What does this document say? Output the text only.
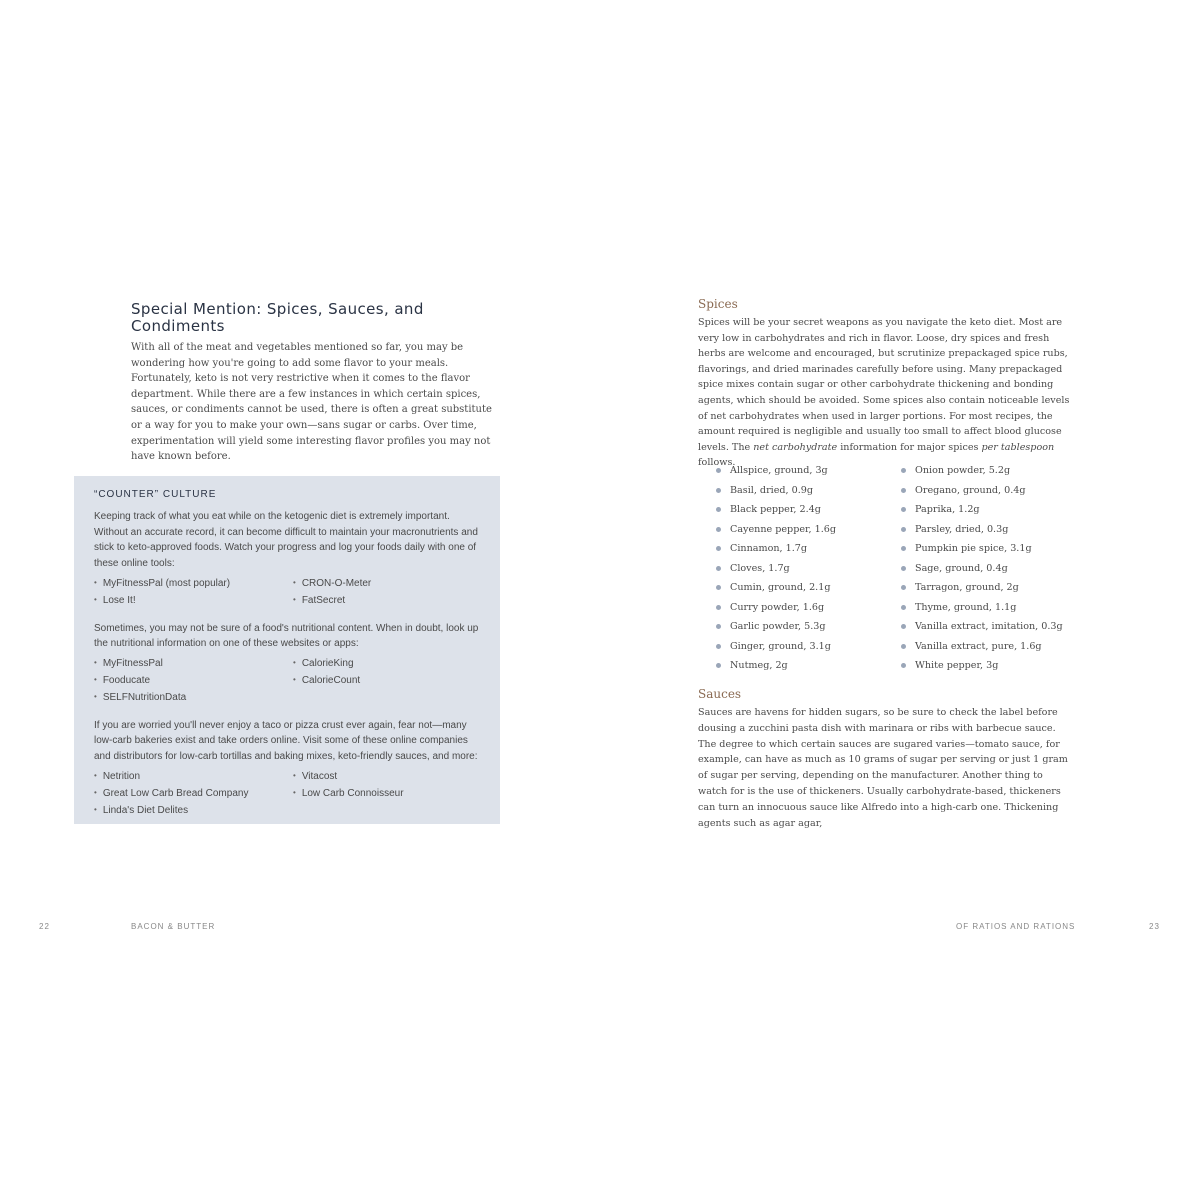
Special Mention: Spices, Sauces, and Condiments

With all of the meat and vegetables mentioned so far, you may be wondering how you're going to add some flavor to your meals. Fortunately, keto is not very restrictive when it comes to the flavor department. While there are a few instances in which certain spices, sauces, or condiments cannot be used, there is often a great substitute or a way for you to make your own—sans sugar or carbs. Over time, experimentation will yield some interesting flavor profiles you may not have known before.

“COUNTER” CULTURE

Keeping track of what you eat while on the ketogenic diet is extremely important. Without an accurate record, it can become difficult to maintain your macronutrients and stick to keto-approved foods. Watch your progress and log your foods daily with one of these online tools:

• MyFitnessPal (most popular)	• CRON-O-Meter
• Lose It!	• FatSecret

Sometimes, you may not be sure of a food's nutritional content. When in doubt, look up the nutritional information on one of these websites or apps:

• MyFitnessPal	• CalorieKing
• Fooducate	• CalorieCount
• SELFNutritionData

If you are worried you'll never enjoy a taco or pizza crust ever again, fear not—many low-carb bakeries exist and take orders online. Visit some of these online companies and distributors for low-carb tortillas and baking mixes, keto-friendly sauces, and more:

• Netrition	• Vitacost
• Great Low Carb Bread Company	• Low Carb Connoisseur
• Linda's Diet Delites
22	BACON & BUTTER
Spices

Spices will be your secret weapons as you navigate the keto diet. Most are very low in carbohydrates and rich in flavor. Loose, dry spices and fresh herbs are welcome and encouraged, but scrutinize prepackaged spice rubs, flavorings, and dried marinades carefully before using. Many prepackaged spice mixes contain sugar or other carbohydrate thickening and bonding agents, which should be avoided. Some spices also contain noticeable levels of net carbohydrates when used in larger portions. For most recipes, the amount required is negligible and usually too small to affect blood glucose levels. The net carbohydrate information for major spices per tablespoon follows.

Allspice, ground, 3g
Basil, dried, 0.9g
Black pepper, 2.4g
Cayenne pepper, 1.6g
Cinnamon, 1.7g
Cloves, 1.7g
Cumin, ground, 2.1g
Curry powder, 1.6g
Garlic powder, 5.3g
Ginger, ground, 3.1g
Nutmeg, 2g
Onion powder, 5.2g
Oregano, ground, 0.4g
Paprika, 1.2g
Parsley, dried, 0.3g
Pumpkin pie spice, 3.1g
Sage, ground, 0.4g
Tarragon, ground, 2g
Thyme, ground, 1.1g
Vanilla extract, imitation, 0.3g
Vanilla extract, pure, 1.6g
White pepper, 3g
Sauces

Sauces are havens for hidden sugars, so be sure to check the label before dousing a zucchini pasta dish with marinara or ribs with barbecue sauce. The degree to which certain sauces are sugared varies—tomato sauce, for example, can have as much as 10 grams of sugar per serving or just 1 gram of sugar per serving, depending on the manufacturer. Another thing to watch for is the use of thickeners. Usually carbohydrate-based, thickeners can turn an innocuous sauce like Alfredo into a high-carb one. Thickening agents such as agar agar,

OF RATIOS AND RATIONS	23
